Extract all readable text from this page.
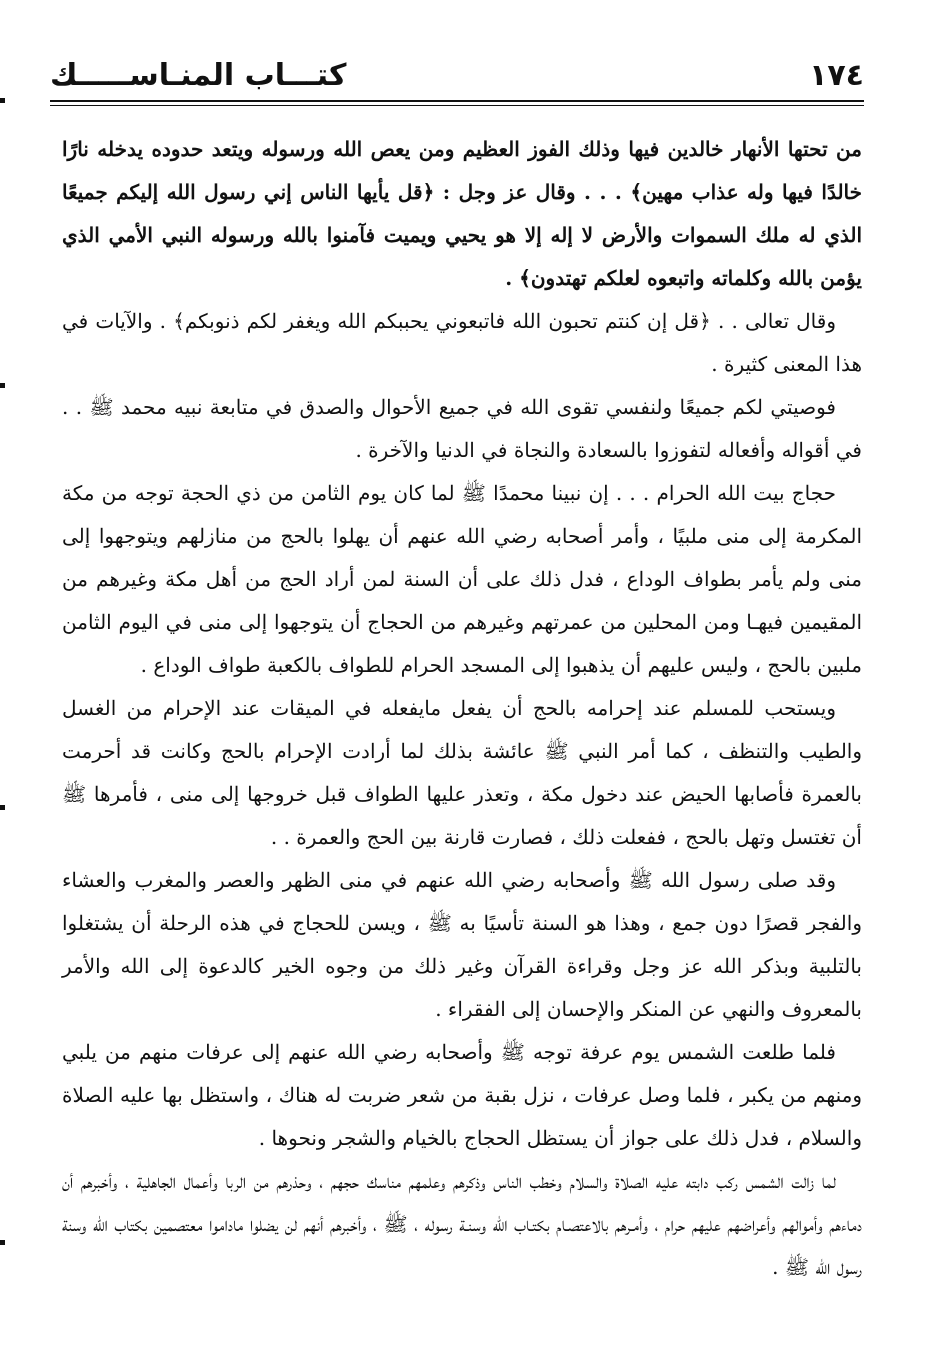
١٧٤
كتـــاب المنـاســـــك

من تحتها الأنهار خالدين فيها وذلك الفوز العظيم ومن يعص الله ورسوله ويتعد حدوده يدخله نارًا خالدًا فيها وله عذاب مهين﴾ . . . وقال عز وجل : ﴿قل يأيها الناس إني رسول الله إليكم جميعًا الذي له ملك السموات والأرض لا إله إلا هو يحيي ويميت فآمنوا بالله ورسوله النبي الأمي الذي يؤمن بالله وكلماته واتبعوه لعلكم تهتدون﴾ .

وقال تعالى . . ﴿قل إن كنتم تحبون الله فاتبعوني يحببكم الله ويغفر لكم ذنوبكم﴾ . والآيات في هذا المعنى كثيرة .

فوصيتي لكم جميعًا ولنفسي تقوى الله في جميع الأحوال والصدق في متابعة نبيه محمد ﷺ . . في أقواله وأفعاله لتفوزوا بالسعادة والنجاة في الدنيا والآخرة .

حجاج بيت الله الحرام . . . إن نبينا محمدًا ﷺ لما كان يوم الثامن من ذي الحجة توجه من مكة المكرمة إلى منى ملبيًا ، وأمر أصحابه رضي الله عنهم أن يهلوا بالحج من منازلهم ويتوجهوا إلى منى ولم يأمر بطواف الوداع ، فدل ذلك على أن السنة لمن أراد الحج من أهل مكة وغيرهم من المقيمين فيهـا ومن المحلين من عمرتهم وغيرهم من الحجاج أن يتوجهوا إلى منى في اليوم الثامن ملبين بالحج ، وليس عليهم أن يذهبوا إلى المسجد الحرام للطواف بالكعبة طواف الوداع .

ويستحب للمسلم عند إحرامه بالحج أن يفعل مايفعله في الميقات عند الإحرام من الغسل والطيب والتنظف ، كما أمر النبي ﷺ عائشة بذلك لما أرادت الإحرام بالحج وكانت قد أحرمت بالعمرة فأصابها الحيض عند دخول مكة ، وتعذر عليها الطواف قبل خروجها إلى منى ، فأمرها ﷺ أن تغتسل وتهل بالحج ، ففعلت ذلك ، فصارت قارنة بين الحج والعمرة . .

وقد صلى رسول الله ﷺ وأصحابه رضي الله عنهم في منى الظهر والعصر والمغرب والعشاء والفجر قصرًا دون جمع ، وهذا هو السنة تأسيًا به ﷺ ، ويسن للحجاج في هذه الرحلة أن يشتغلوا بالتلبية وبذكر الله عز وجل وقراءة القرآن وغير ذلك من وجوه الخير كالدعوة إلى الله والأمر بالمعروف والنهي عن المنكر والإحسان إلى الفقراء .

فلما طلعت الشمس يوم عرفة توجه ﷺ وأصحابه رضي الله عنهم إلى عرفات منهم من يلبي ومنهم من يكبر ، فلما وصل عرفات ، نزل بقبة من شعر ضربت له هناك ، واستظل بها عليه الصلاة والسلام ، فدل ذلك على جواز أن يستظل الحجاج بالخيام والشجر ونحوها .

لما زالت الشمس ركب دابته عليه الصلاة والسلام وخطب الناس وذكرهم وعلمهم مناسك حجهم ، وحذرهم من الربا وأعمال الجاهلية ، وأخبرهم أن دماءهم وأموالهم وأعراضهم عليهم حرام ، وأمـرهم بالاعتصـام بكتـاب الله وسنـة رسوله ، ﷺ ، وأخبرهم أنهم لن يضلوا ماداموا معتصمين بكتاب الله وسنة رسول الله ﷺ .
